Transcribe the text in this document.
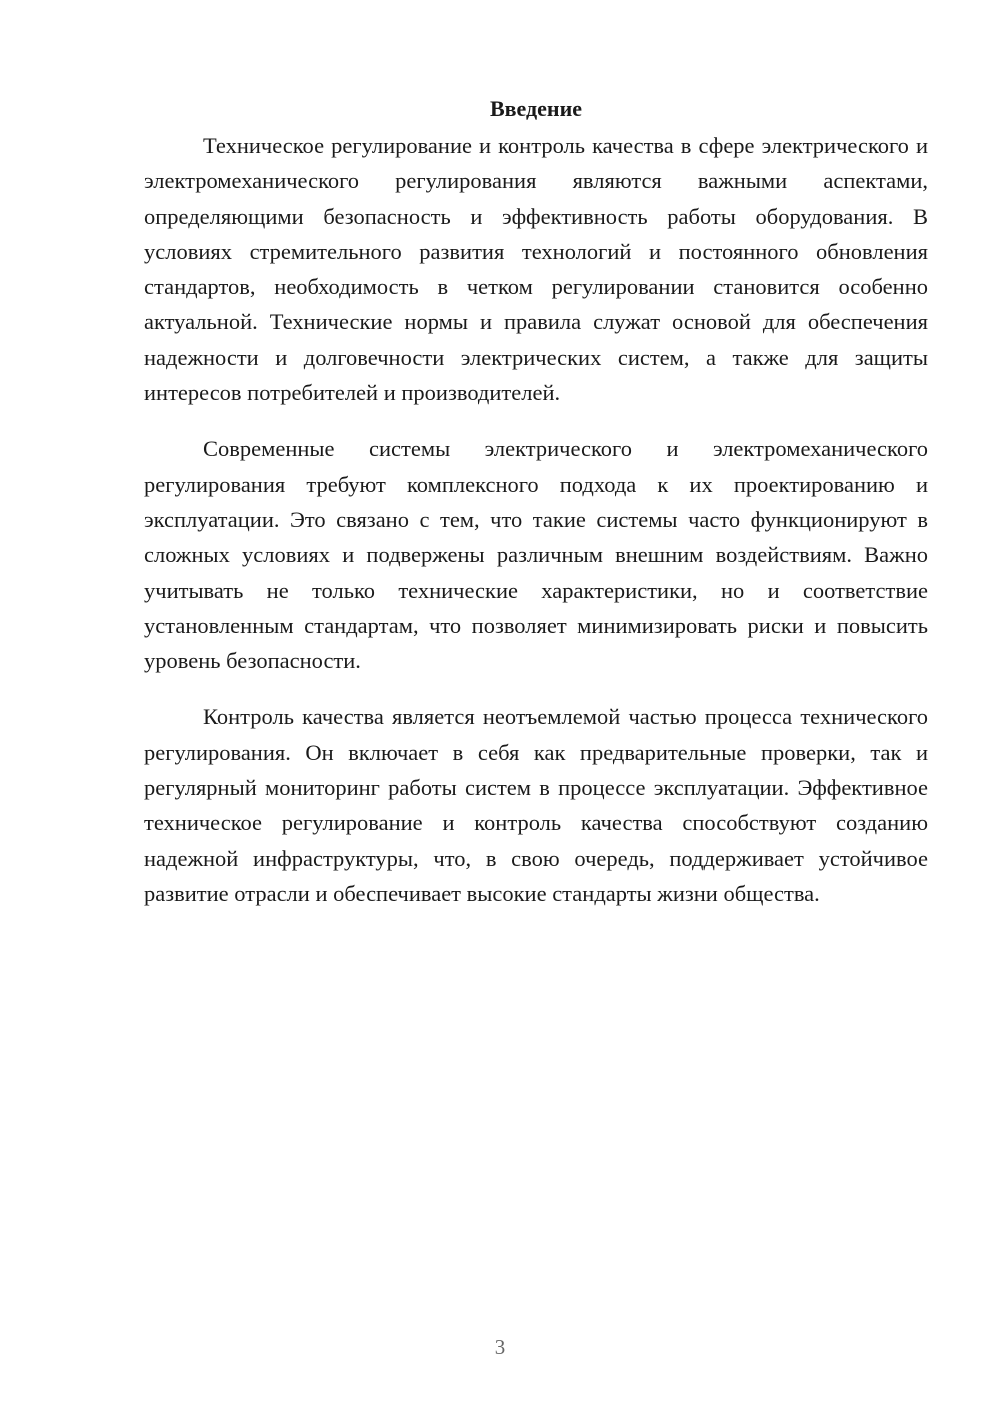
Введение

Техническое регулирование и контроль качества в сфере электрического и электромеханического регулирования являются важными аспектами, определяющими безопасность и эффективность работы оборудования. В условиях стремительного развития технологий и постоянного обновления стандартов, необходимость в четком регулировании становится особенно актуальной. Технические нормы и правила служат основой для обеспечения надежности и долговечности электрических систем, а также для защиты интересов потребителей и производителей.

Современные системы электрического и электромеханического регулирования требуют комплексного подхода к их проектированию и эксплуатации. Это связано с тем, что такие системы часто функционируют в сложных условиях и подвержены различным внешним воздействиям. Важно учитывать не только технические характеристики, но и соответствие установленным стандартам, что позволяет минимизировать риски и повысить уровень безопасности.

Контроль качества является неотъемлемой частью процесса технического регулирования. Он включает в себя как предварительные проверки, так и регулярный мониторинг работы систем в процессе эксплуатации. Эффективное техническое регулирование и контроль качества способствуют созданию надежной инфраструктуры, что, в свою очередь, поддерживает устойчивое развитие отрасли и обеспечивает высокие стандарты жизни общества.

3
